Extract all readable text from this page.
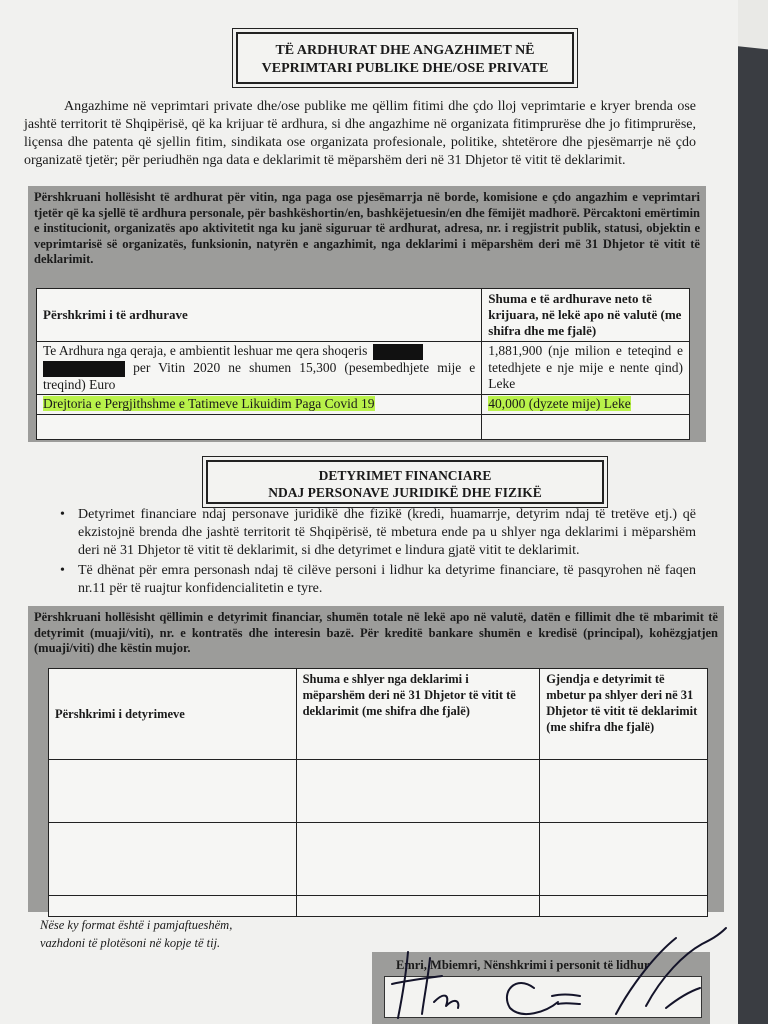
TË ARDHURAT DHE ANGAZHIMET NË
VEPRIMTARI PUBLIKE DHE/OSE PRIVATE
Angazhime në veprimtari private dhe/ose publike me qëllim fitimi dhe çdo lloj veprimtarie e kryer brenda ose jashtë territorit të Shqipërisë, që ka krijuar të ardhura, si dhe angazhime në organizata fitimprurëse dhe jo fitimprurëse, liçensa dhe patenta që sjellin fitim, sindikata ose organizata profesionale, politike, shtetërore dhe pjesëmarrje në çdo organizatë tjetër; për periudhën nga data e deklarimit të mëparshëm deri në 31 Dhjetor të vitit të deklarimit.
Përshkruani hollësisht të ardhurat për vitin, nga paga ose pjesëmarrja në borde, komisione e çdo angazhim e veprimtari tjetër që ka sjellë të ardhura personale, për bashkëshortin/en, bashkëjetuesin/en dhe fëmijët madhorë. Përcaktoni emërtimin e institucionit, organizatës apo aktivitetit nga ku janë siguruar të ardhurat, adresa, nr. i regjistrit publik, statusi, objektin e veprimtarisë së organizatës, funksionin, natyrën e angazhimit, nga deklarimi i mëparshëm deri më 31 Dhjetor të vitit të deklarimit.
Përshkrimi i të ardhurave	Shuma e të ardhurave neto të krijuara, në lekë apo në valutë (me shifra dhe me fjalë)
Te Ardhura nga qeraja, e ambientit leshuar me qera shoqeris
per Vitin 2020 ne shumen 15,300 (pesembedhjete mije e treqind) Euro	1,881,900 (nje milion e teteqind e tetedhjete e nje mije e nente qind) Leke
Drejtoria e Pergjithshme e Tatimeve Likuidim Paga Covid 19	40,000 (dyzete mije) Leke

DETYRIMET FINANCIARE
NDAJ PERSONAVE JURIDIKË DHE FIZIKË
• Detyrimet financiare ndaj personave juridikë dhe fizikë (kredi, huamarrje, detyrim ndaj të tretëve etj.) që ekzistojnë brenda dhe jashtë territorit të Shqipërisë, të mbetura ende pa u shlyer nga deklarimi i mëparshëm deri në 31 Dhjetor të vitit të deklarimit, si dhe detyrimet e lindura gjatë vitit te deklarimit.
• Të dhënat për emra personash ndaj të cilëve personi i lidhur ka detyrime financiare, të pasqyrohen në faqen nr.11 për të ruajtur konfidencialitetin e tyre.
Përshkruani hollësisht qëllimin e detyrimit financiar, shumën totale në lekë apo në valutë, datën e fillimit dhe të mbarimit të detyrimit (muaji/viti), nr. e kontratës dhe interesin bazë. Për kreditë bankare shumën e kredisë (principal), kohëzgjatjen (muaji/viti) dhe këstin mujor.
Përshkrimi i detyrimeve	Shuma e shlyer nga deklarimi i mëparshëm deri në 31 Dhjetor të vitit të deklarimit (me shifra dhe fjalë)	Gjendja e detyrimit të mbetur pa shlyer deri në 31 Dhjetor të vitit të deklarimit (me shifra dhe fjalë)

Nëse ky format është i pamjaftueshëm,
vazhdoni të plotësoni në kopje të tij.
Emri, Mbiemri, Nënshkrimi i personit të lidhur
